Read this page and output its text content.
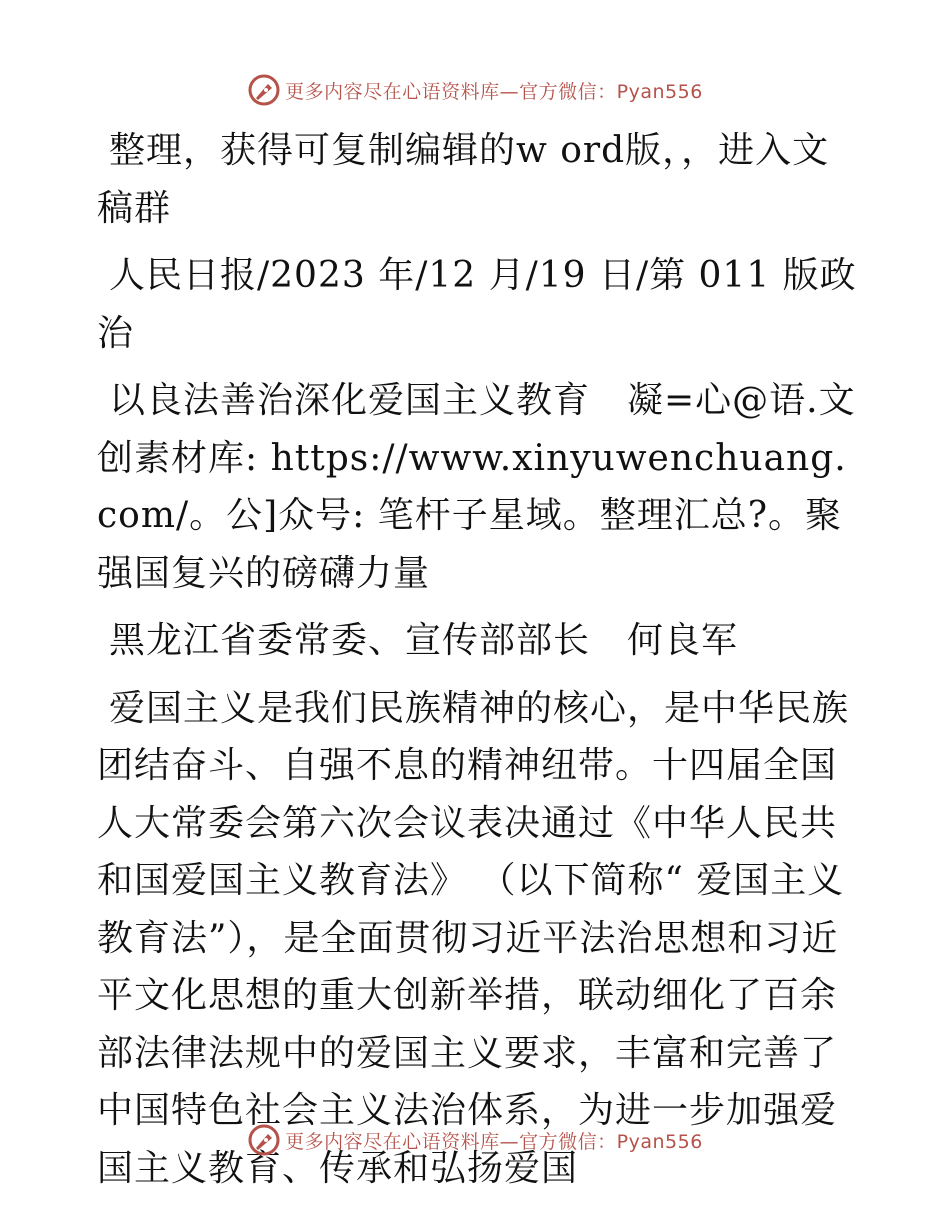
更多内容尽在心语资料库—官方微信：Pyan556

整理，获得可复制编辑的w ord版，，进入文稿群

人民日报/2023 年/12 月/19 日/第 011 版政治

以良法善治深化爱国主义教育　凝=心@语.文创素材库: https://www.xinyuwenchuang.com/。公]众号: 笔杆子星域。整理汇总?。聚强国复兴的磅礴力量

黑龙江省委常委、宣传部部长　何良军

爱国主义是我们民族精神的核心，是中华民族团结奋斗、自强不息的精神纽带。十四届全国人大常委会第六次会议表决通过《中华人民共和国爱国主义教育法》 （以下简称“ 爱国主义教育法”），是全面贯彻习近平法治思想和习近平文化思想的重大创新举措，联动细化了百余部法律法规中的爱国主义要求，丰富和完善了中国特色社会主义法治体系，为进一步加强爱国主义教育、传承和弘扬爱国

更多内容尽在心语资料库—官方微信：Pyan556
